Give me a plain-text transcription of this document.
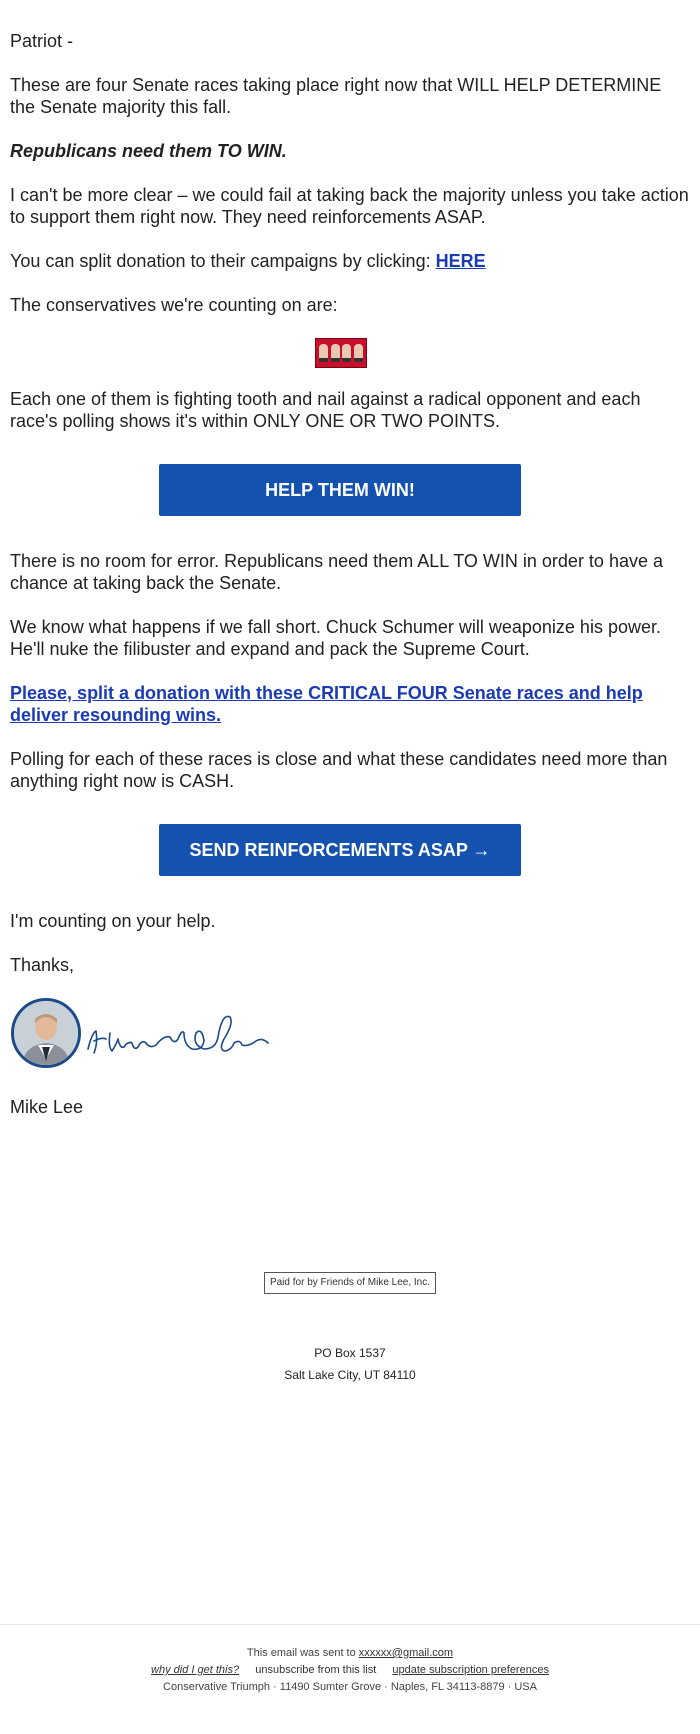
Patriot -

These are four Senate races taking place right now that WILL HELP DETERMINE the Senate majority this fall.

Republicans need them TO WIN.

I can't be more clear – we could fail at taking back the majority unless you take action to support them right now. They need reinforcements ASAP.

You can split donation to their campaigns by clicking: HERE

The conservatives we're counting on are:

Each one of them is fighting tooth and nail against a radical opponent and each race's polling shows it's within ONLY ONE OR TWO POINTS.

HELP THEM WIN!

There is no room for error. Republicans need them ALL TO WIN in order to have a chance at taking back the Senate.

We know what happens if we fall short. Chuck Schumer will weaponize his power. He'll nuke the filibuster and expand and pack the Supreme Court.

Please, split a donation with these CRITICAL FOUR Senate races and help deliver resounding wins.

Polling for each of these races is close and what these candidates need more than anything right now is CASH.

SEND REINFORCEMENTS ASAP →

I'm counting on your help.

Thanks,

Mike Lee

Paid for by Friends of Mike Lee, Inc.
PO Box 1537
Salt Lake City, UT 84110
This email was sent to xxxxxx@gmail.com
why did I get this? unsubscribe from this list update subscription preferences
Conservative Triumph · 11490 Sumter Grove · Naples, FL 34113-8879 · USA
